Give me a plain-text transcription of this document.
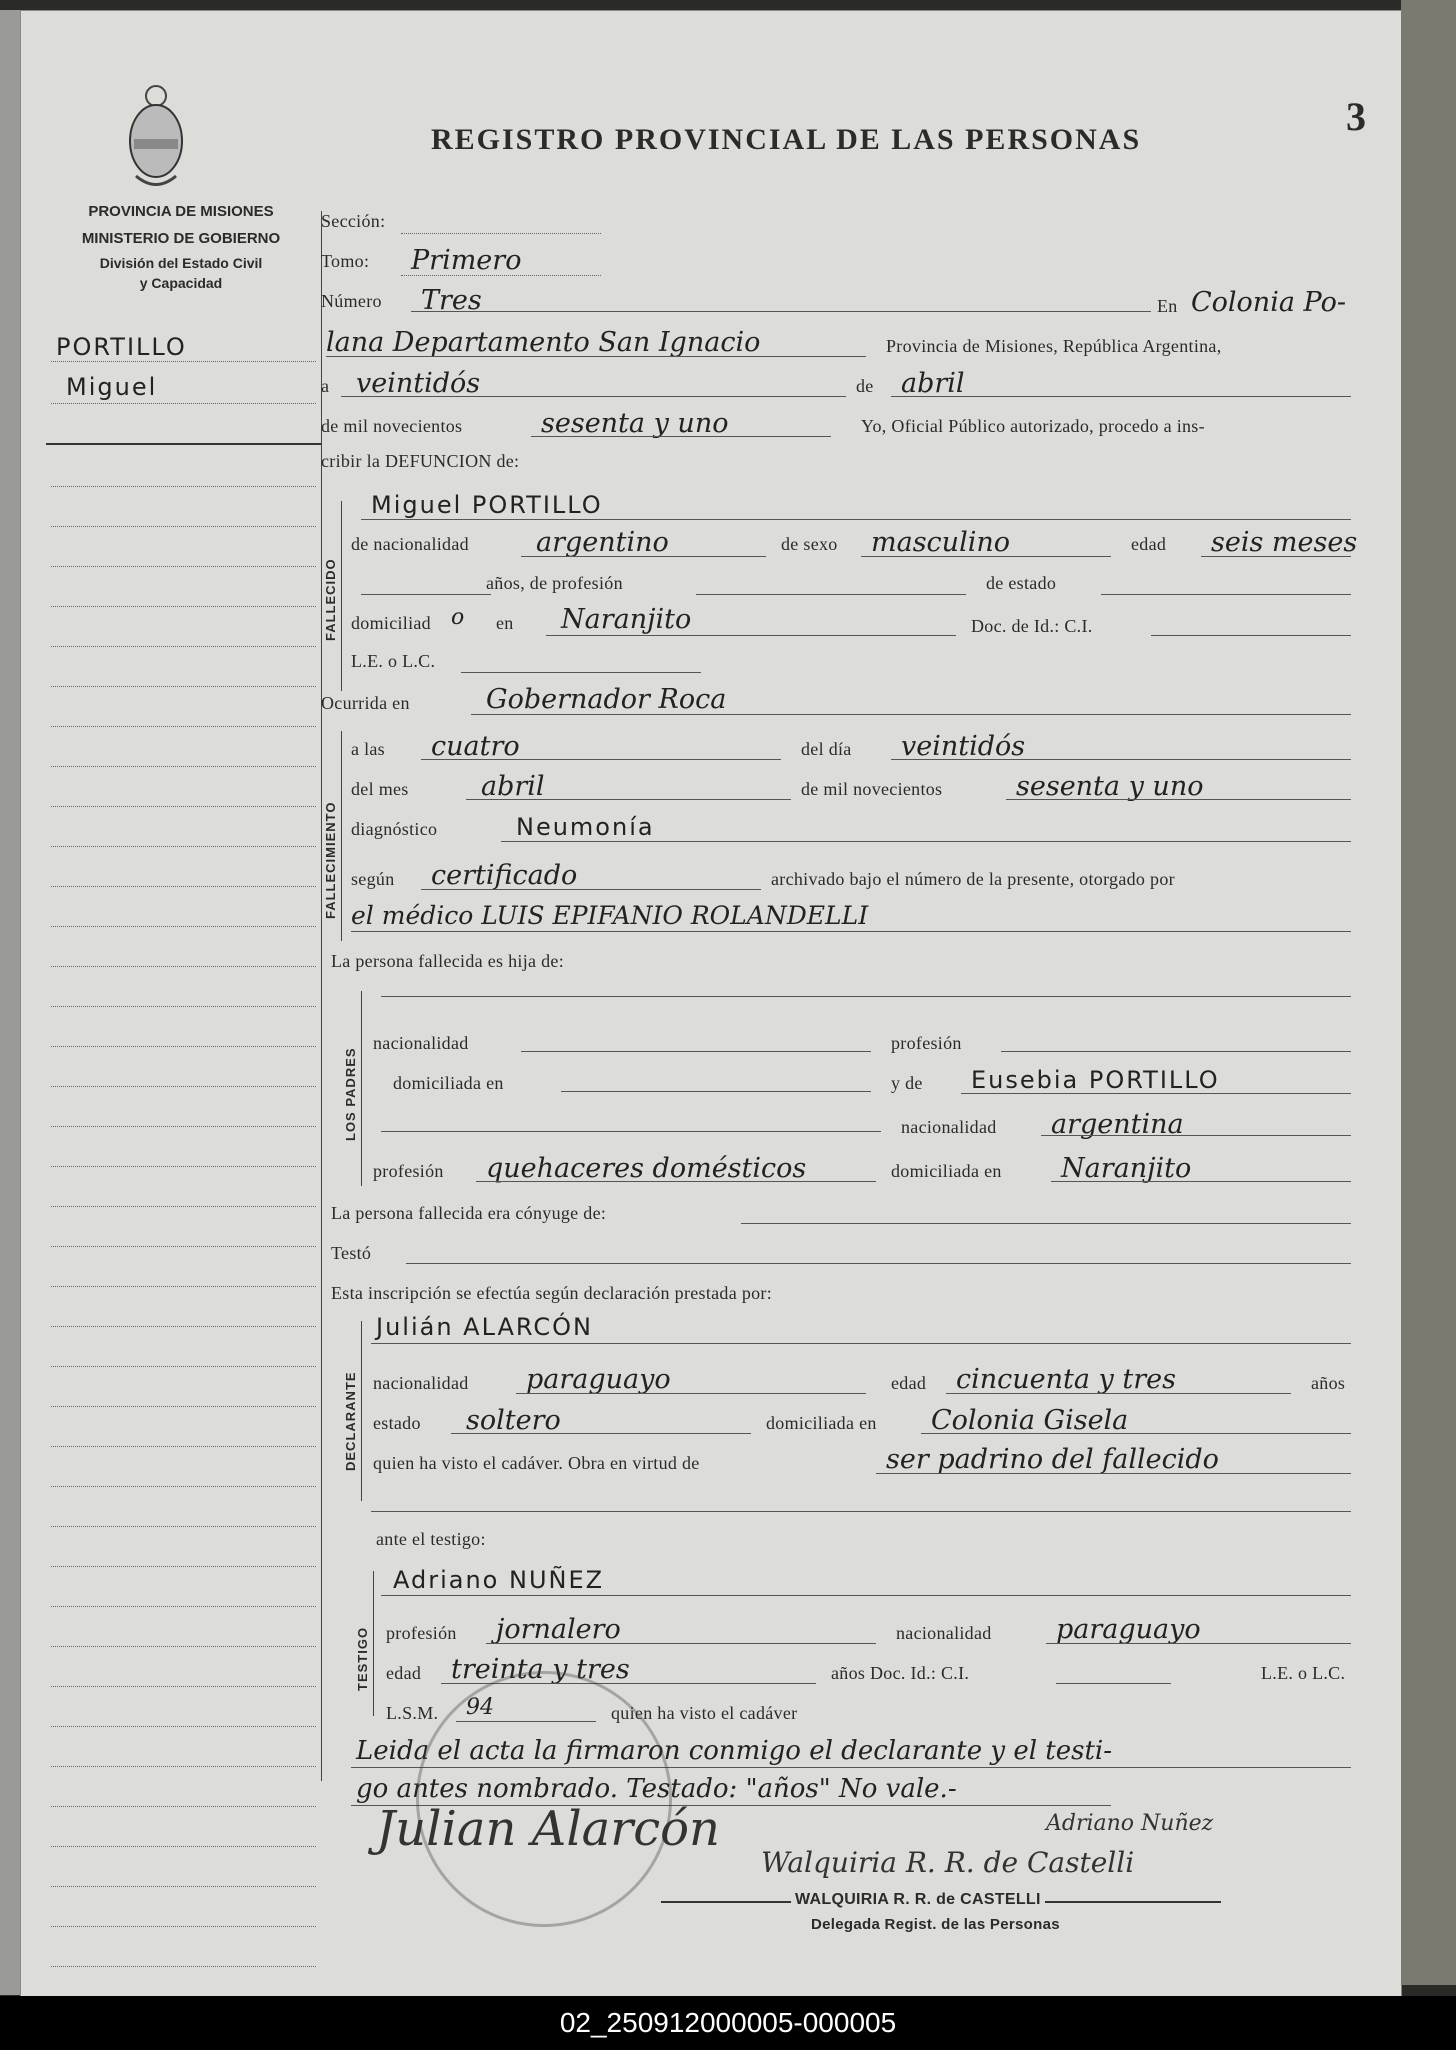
3
REGISTRO PROVINCIAL DE LAS PERSONAS
PROVINCIA DE MISIONES
MINISTERIO DE GOBIERNO
División del Estado Civil
y Capacidad
PORTILLO
Miguel
Sección:
Tomo: Primero
Número Tres	En Colonia Po-
lana Departamento San Ignacio	Provincia de Misiones, República Argentina,
a veintidós	de abril
de mil novecientos	sesenta y uno	Yo, Oficial Público autorizado, procedo a ins-
cribir la DEFUNCION de:
FALLECIDO
Miguel PORTILLO
de nacionalidad argentino	de sexo masculino	edad seis meses
años, de profesión	de estado
domiciliad o en Naranjito	Doc. de Id.: C.I.
L.E. o L.C.
Ocurrida en	Gobernador Roca
FALLECIMIENTO
a las cuatro	del día veintidós
del mes	abril	de mil novecientos	sesenta y uno
diagnóstico	Neumonía
según certificado	archivado bajo el número de la presente, otorgado por
el médico LUIS EPIFANIO ROLANDELLI
La persona fallecida es hija de:
LOS PADRES
nacionalidad	profesión
domiciliada en	y de Eusebia PORTILLO
nacionalidad argentina
profesión quehaceres domésticos	domiciliada en Naranjito
La persona fallecida era cónyuge de:
Testó
Esta inscripción se efectúa según declaración prestada por:
DECLARANTE
Julián ALARCÓN
nacionalidad paraguayo	edad cincuenta y tres	años
estado soltero	domiciliada en Colonia Gisela
quien ha visto el cadáver. Obra en virtud de	ser padrino del fallecido
ante el testigo:
TESTIGO
Adriano NUÑEZ
profesión jornalero	nacionalidad paraguayo
edad treinta y tres	años Doc. Id.: C.I.	L.E. o L.C.
L.S.M. 94	quien ha visto el cadáver
Leida el acta la firmaron conmigo el declarante y el testi-
go antes nombrado. Testado: "años" No vale.-
Julian Alarcón	Adriano Nuñez
Walquiria R. R. de Castelli
WALQUIRIA R. R. de CASTELLI
Delegada Regist. de las Personas
02_250912000005-000005
